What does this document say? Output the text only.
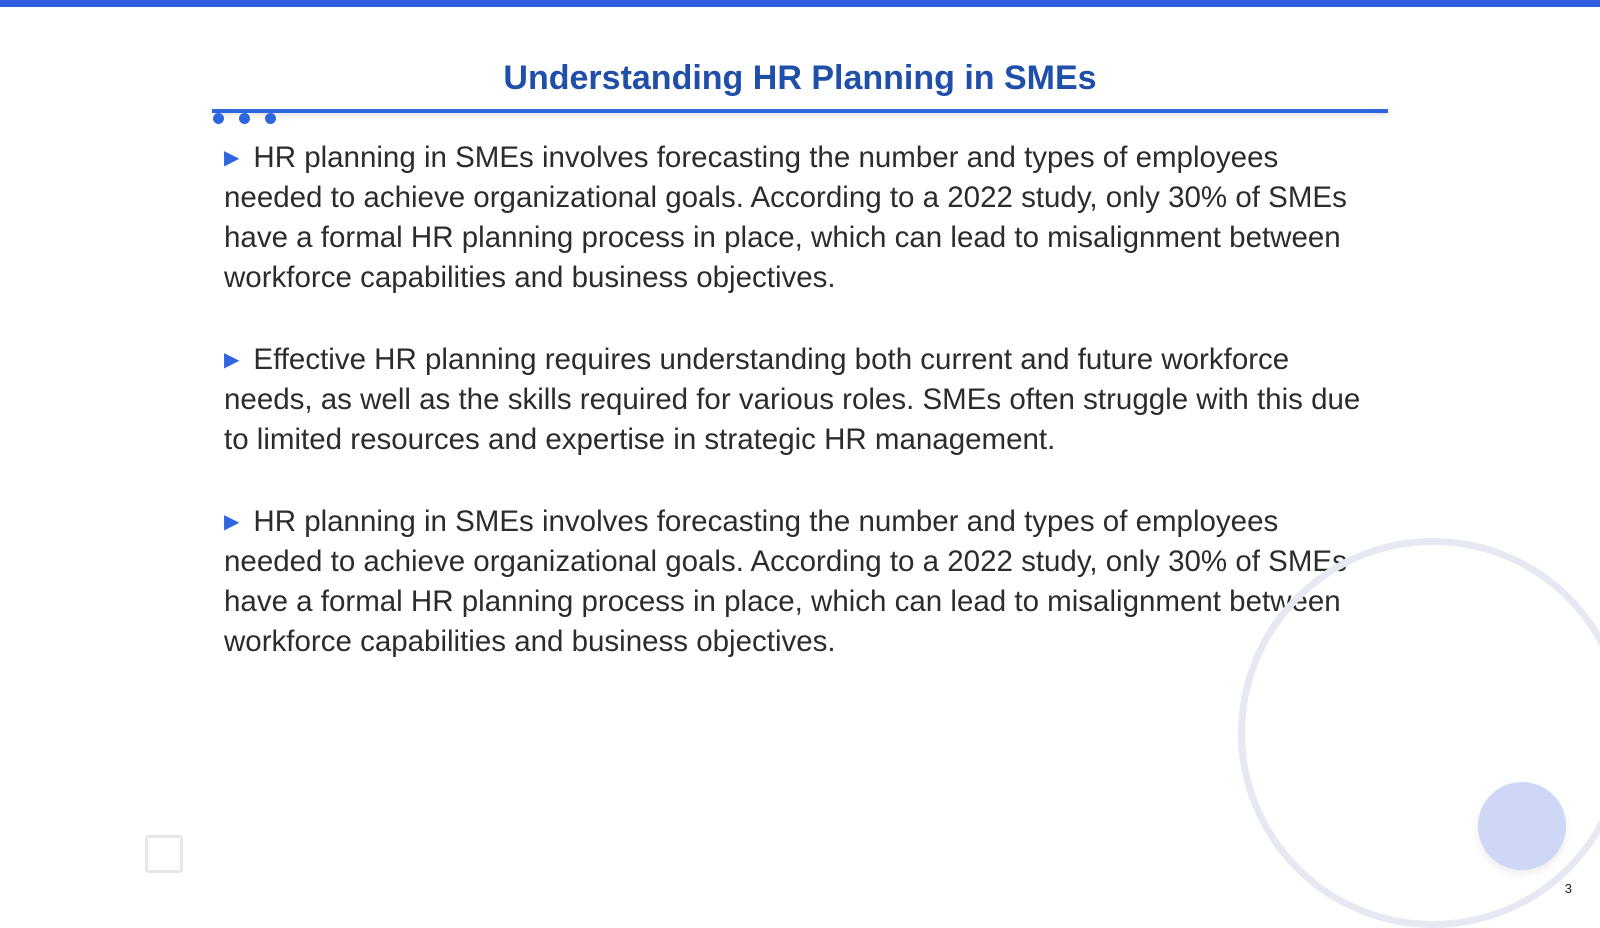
Understanding HR Planning in SMEs

▶ HR planning in SMEs involves forecasting the number and types of employees needed to achieve organizational goals. According to a 2022 study, only 30% of SMEs have a formal HR planning process in place, which can lead to misalignment between workforce capabilities and business objectives.

▶ Effective HR planning requires understanding both current and future workforce needs, as well as the skills required for various roles. SMEs often struggle with this due to limited resources and expertise in strategic HR management.

▶ HR planning in SMEs involves forecasting the number and types of employees needed to achieve organizational goals. According to a 2022 study, only 30% of SMEs have a formal HR planning process in place, which can lead to misalignment between workforce capabilities and business objectives.

3
